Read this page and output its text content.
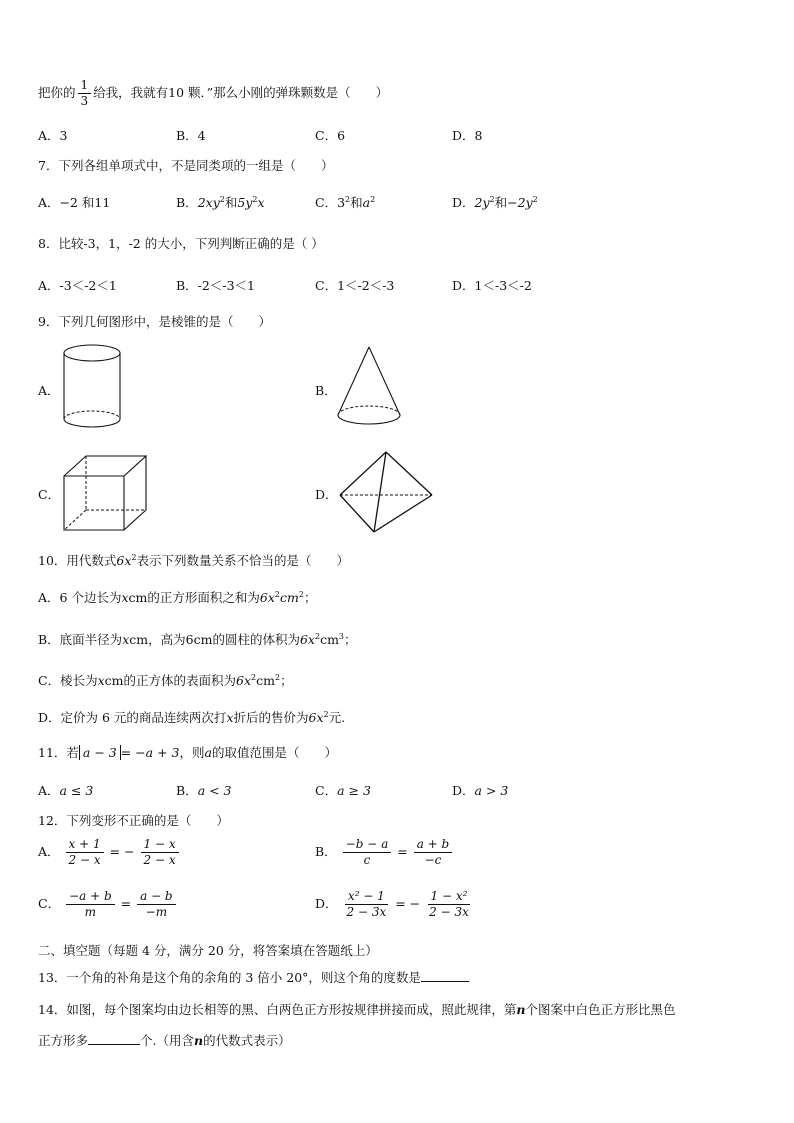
把你的 $\frac{1}{3}$ 给我，我就有10 颗．”那么小刚的弹珠颗数是（　　）
A．3	B．4	C．6	D．8
7．下列各组单项式中，不是同类项的一组是（　　）
A．−2 和11	B．$2xy^2$和$5y^2x$	C．$3^2$和$a^2$	D．$2y^2$和$-2y^2$
8．比较-3，1，-2 的大小，下列判断正确的是（ ）
A．-3＜-2＜1	B．-2＜-3＜1	C．1＜-2＜-3	D．1＜-3＜-2
9．下列几何图形中，是棱锥的是（　　）
A．	B．
C．	D．
10．用代数式$6x^2$表示下列数量关系不恰当的是（　　）
A．6 个边长为xcm的正方形面积之和为$6x^2cm^2$；
B．底面半径为xcm，高为6cm的圆柱的体积为$6x^2cm^3$；
C．棱长为xcm的正方体的表面积为$6x^2cm^2$；
D．定价为 6 元的商品连续两次打x折后的售价为$6x^2$元.
11．若 a − 3 = −a + 3，则a的取值范围是（　　）
A．a ≤ 3	B．a < 3	C．a ≥ 3	D．a > 3
12．下列变形不正确的是（　　）
A． $\frac{x + 1}{2 - x}$ = − $\frac{1 - x}{2 - x}$	B． $\frac{-b - a}{c} = \frac{a + b}{-c}$
C． $\frac{-a + b}{m} = \frac{a - b}{-m}$	D． $\frac{\text{x² − 1}}{2 - 3x}$ = − $\frac{\text{1 − x²}}{2 - 3x}$
二、填空题（每题 4 分，满分 20 分，将答案填在答题纸上）
13．一个角的补角是这个角的余角的 3 倍小 20°，则这个角的度数是
14．如图，每个图案均由边长相等的黑、白两色正方形按规律拼接而成，照此规律，第n个图案中白色正方形比黑色
正方形多	个.（用含n的代数式表示）
